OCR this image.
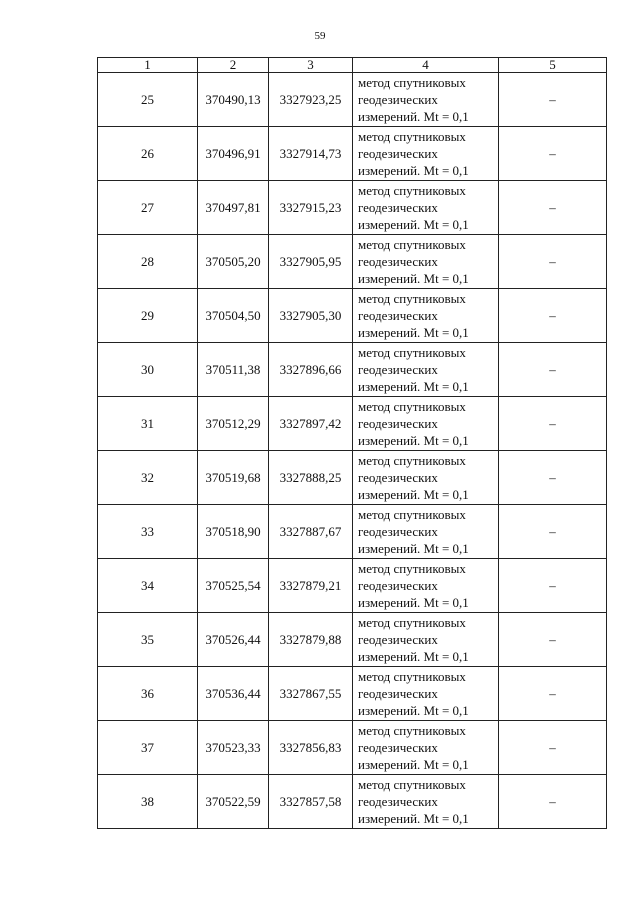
59
1	2	3	4	5
25	370490,13	3327923,25	метод спутниковых
геодезических
измерений. Mt = 0,1	–
26	370496,91	3327914,73	метод спутниковых
геодезических
измерений. Mt = 0,1	–
27	370497,81	3327915,23	метод спутниковых
геодезических
измерений. Mt = 0,1	–
28	370505,20	3327905,95	метод спутниковых
геодезических
измерений. Mt = 0,1	–
29	370504,50	3327905,30	метод спутниковых
геодезических
измерений. Mt = 0,1	–
30	370511,38	3327896,66	метод спутниковых
геодезических
измерений. Mt = 0,1	–
31	370512,29	3327897,42	метод спутниковых
геодезических
измерений. Mt = 0,1	–
32	370519,68	3327888,25	метод спутниковых
геодезических
измерений. Mt = 0,1	–
33	370518,90	3327887,67	метод спутниковых
геодезических
измерений. Mt = 0,1	–
34	370525,54	3327879,21	метод спутниковых
геодезических
измерений. Mt = 0,1	–
35	370526,44	3327879,88	метод спутниковых
геодезических
измерений. Mt = 0,1	–
36	370536,44	3327867,55	метод спутниковых
геодезических
измерений. Mt = 0,1	–
37	370523,33	3327856,83	метод спутниковых
геодезических
измерений. Mt = 0,1	–
38	370522,59	3327857,58	метод спутниковых
геодезических
измерений. Mt = 0,1	–
